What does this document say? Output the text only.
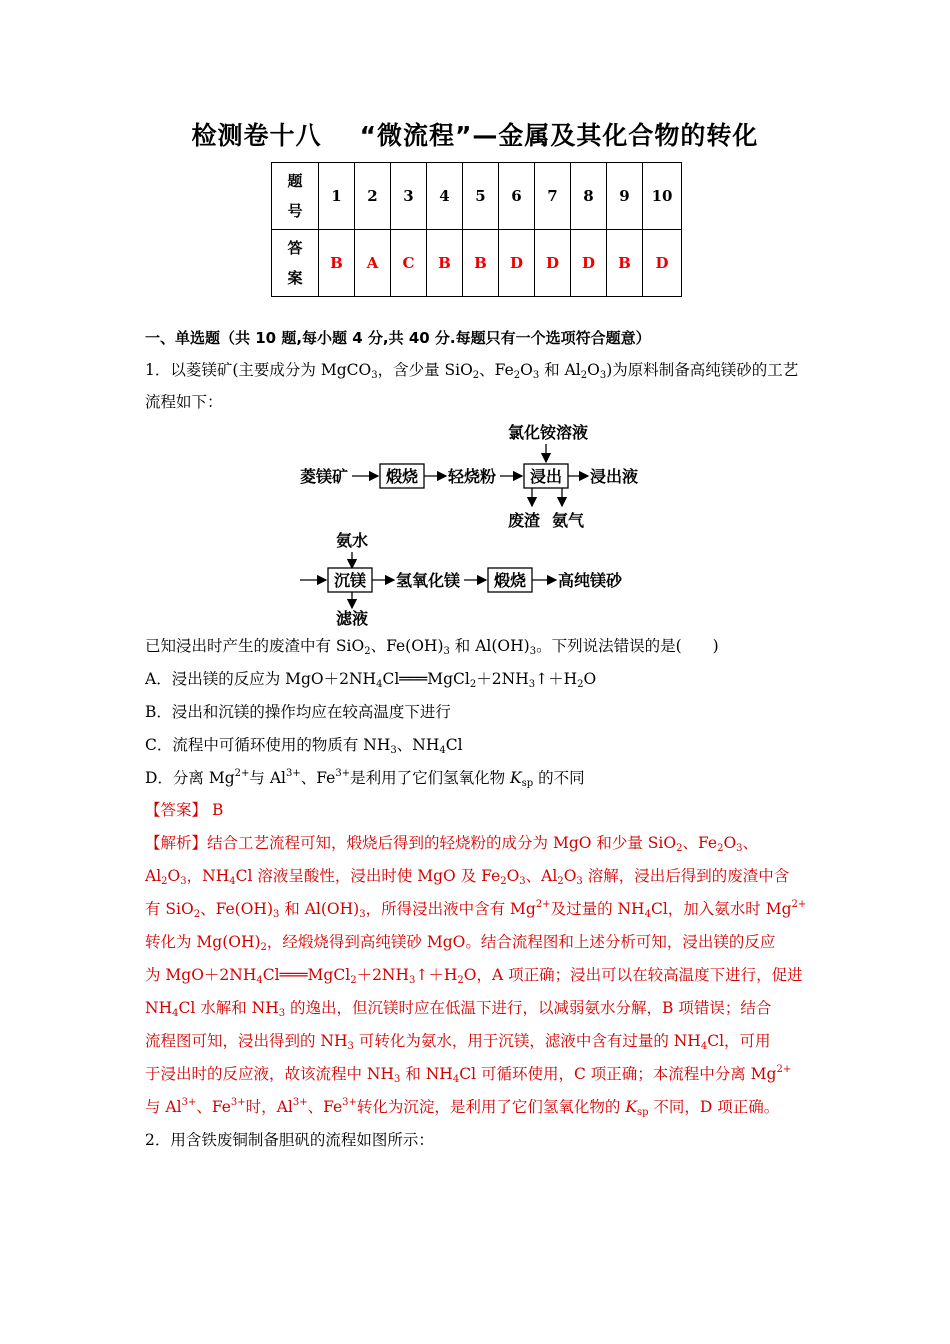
检测卷十八 “微流程”—金属及其化合物的转化
题
号	1	2	3	4	5	6	7	8	9	10
答
案	B	A	C	B	B	D	D	D	B	D
一、单选题（共 10 题,每小题 4 分,共 40 分.每题只有一个选项符合题意）
1．以菱镁矿(主要成分为 MgCO$_3$，含少量 SiO$_2$、$Fe_2O_3$ 和 $Al_2O_3$)为原料制备高纯镁砂的工艺
流程如下：
氯化铵溶液
菱镁矿 煅烧 轻烧粉 浸出 浸出液
废渣 氨气
氨水
沉镁 氢氧化镁 煅烧 高纯镁砂
滤液
已知浸出时产生的废渣中有 SiO$_2$、$Fe(OH)_3$ 和 $Al(OH)_3$。下列说法错误的是(　　)
A．浸出镁的反应为 $MgO+2NH_4Cl═══MgCl_2+2NH_3↑+H_2O$
B．浸出和沉镁的操作均应在较高温度下进行
C．流程中可循环使用的物质有 $NH_3$、$NH_4Cl$
D．分离 $Mg^{2+}$与 $Al^{3+}$、$Fe^{3+}$是利用了它们氢氧化物 $K_{sp}$ 的不同
【答案】 B
【解析】结合工艺流程可知，煅烧后得到的轻烧粉的成分为 MgO 和少量 SiO$_2$、$Fe_2O_3$、
$Al_2O_3$，$NH_4Cl$ 溶液呈酸性，浸出时使 MgO 及 $Fe_2O_3$、$Al_2O_3$ 溶解，浸出后得到的废渣中含
有 SiO$_2$、$Fe(OH)_3$ 和 $Al(OH)_3$，所得浸出液中含有 $Mg^{2+}$及过量的 $NH_4Cl$，加入氨水时 $Mg^{2+}$
转化为 $Mg(OH)_2$，经煅烧得到高纯镁砂 MgO。结合流程图和上述分析可知，浸出镁的反应
为 $MgO+2NH_4Cl═══MgCl_2+2NH_3↑+H_2O$，A 项正确；浸出可以在较高温度下进行，促进
$NH_4Cl$ 水解和 $NH_3$ 的逸出，但沉镁时应在低温下进行，以减弱氨水分解，B 项错误；结合
流程图可知，浸出得到的 $NH_3$ 可转化为氨水，用于沉镁，滤液中含有过量的 $NH_4Cl$，可用
于浸出时的反应液，故该流程中 $NH_3$ 和 $NH_4Cl$ 可循环使用，C 项正确；本流程中分离 $Mg^{2+}$
与 $Al^{3+}$、$Fe^{3+}$时，$Al^{3+}$、$Fe^{3+}$转化为沉淀，是利用了它们氢氧化物的 $K_{sp}$ 不同，D 项正确。
2．用含铁废铜制备胆矾的流程如图所示：
